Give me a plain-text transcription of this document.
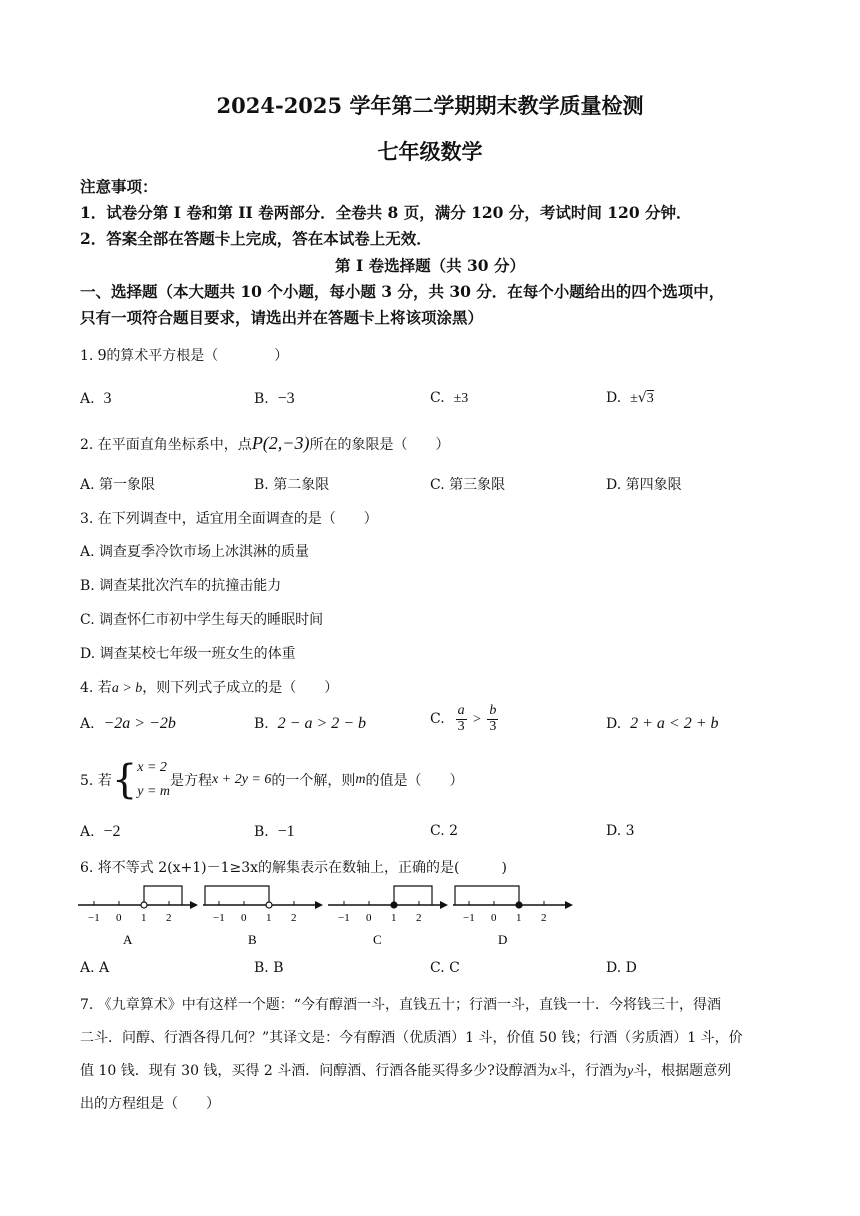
2024-2025 学年第二学期期末教学质量检测
七年级数学
注意事项：
1．试卷分第 I 卷和第 II 卷两部分．全卷共 8 页，满分 120 分，考试时间 120 分钟．
2．答案全部在答题卡上完成，答在本试卷上无效．
第 I 卷选择题（共 30 分）
一、选择题（本大题共 10 个小题，每小题 3 分，共 30 分．在每个小题给出的四个选项中，
只有一项符合题目要求，请选出并在答题卡上将该项涂黑）
1. 9的算术平方根是（　　　　）
A. 3	B. −3	C. ±3	D. ±√3
2. 在平面直角坐标系中，点P(2,−3)所在的象限是（　　）
A. 第一象限	B. 第二象限	C. 第三象限	D. 第四象限
3. 在下列调查中，适宜用全面调查的是（　　）
A. 调查夏季冷饮市场上冰淇淋的质量
B. 调查某批次汽车的抗撞击能力
C. 调查怀仁市初中学生每天的睡眠时间
D. 调查某校七年级一班女生的体重
4. 若a > b，则下列式子成立的是（　　）
A. −2a > −2b	B. 2 − a > 2 − b	C. $\frac{a}{3} > \frac{b}{3}$	D. 2 + a < 2 + b
5. 若{ x = 2
y = m
是方程x + 2y = 6的一个解，则m的值是（　　）
A. −2	B. −1	C. 2	D. 3
6. 将不等式 2(x+1)－1≥3x的解集表示在数轴上，正确的是(　　　)
−1 0 1 2
A
−1 0 1 2
B
−1 0 1 2
C
−1 0 1 2
D
A. A	B. B	C. C	D. D
7. 《九章算术》中有这样一个题：“今有醇酒一斗，直钱五十；行酒一斗，直钱一十．今将钱三十，得酒
二斗．问醇、行酒各得几何？”其译文是：今有醇酒（优质酒）1 斗，价值 50 钱；行酒（劣质酒）1 斗，价
值 10 钱．现有 30 钱，买得 2 斗酒．问醇酒、行酒各能买得多少?设醇酒为x斗，行酒为y斗，根据题意列
出的方程组是（　　）
